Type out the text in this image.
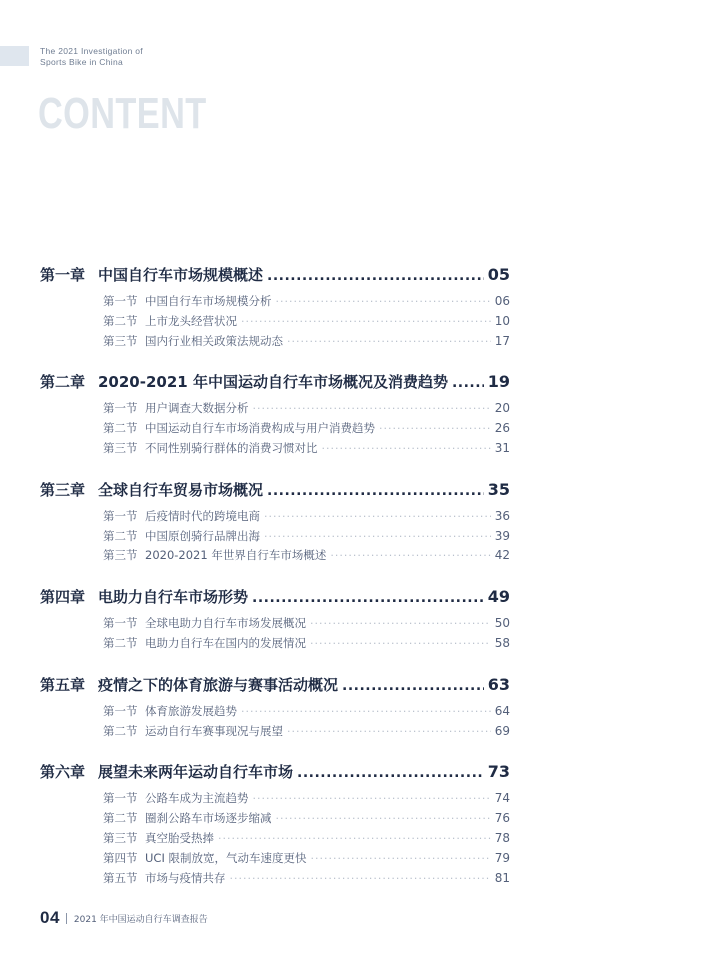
The 2021 Investigation of
Sports Bike in China
CONTENT
第一章 中国自行车市场规模概述 .....	05
第一节 中国自行车市场规模分析 ·····	06
第二节 上市龙头经营状况 ·····	10
第三节 国内行业相关政策法规动态 ·····	17
第二章 2020-2021 年中国运动自行车市场概况及消费趋势 ..... 19
第一节 用户调查大数据分析 ·····	20
第二节 中国运动自行车市场消费构成与用户消费趋势 ·····	26
第三节 不同性别骑行群体的消费习惯对比 ·····	31
第三章 全球自行车贸易市场概况 .....	35
第一节 后疫情时代的跨境电商 ·····	36
第二节 中国原创骑行品牌出海 ·····	39
第三节 2020-2021 年世界自行车市场概述 ·····	42
第四章 电助力自行车市场形势 .....	49
第一节 全球电助力自行车市场发展概况 ·····	50
第二节 电助力自行车在国内的发展情况 ·····	58
第五章 疫情之下的体育旅游与赛事活动概况 .....	63
第一节 体育旅游发展趋势 ·····	64
第二节 运动自行车赛事现况与展望 ·····	69
第六章 展望未来两年运动自行车市场 .....	73
第一节 公路车成为主流趋势 ·····	74
第二节 圈刹公路车市场逐步缩减 ·····	76
第三节 真空胎受热捧 ·····	78
第四节 UCI 限制放宽，气动车速度更快 ·····	79
第五节 市场与疫情共存 ·····	81
04 2021 年中国运动自行车调查报告
